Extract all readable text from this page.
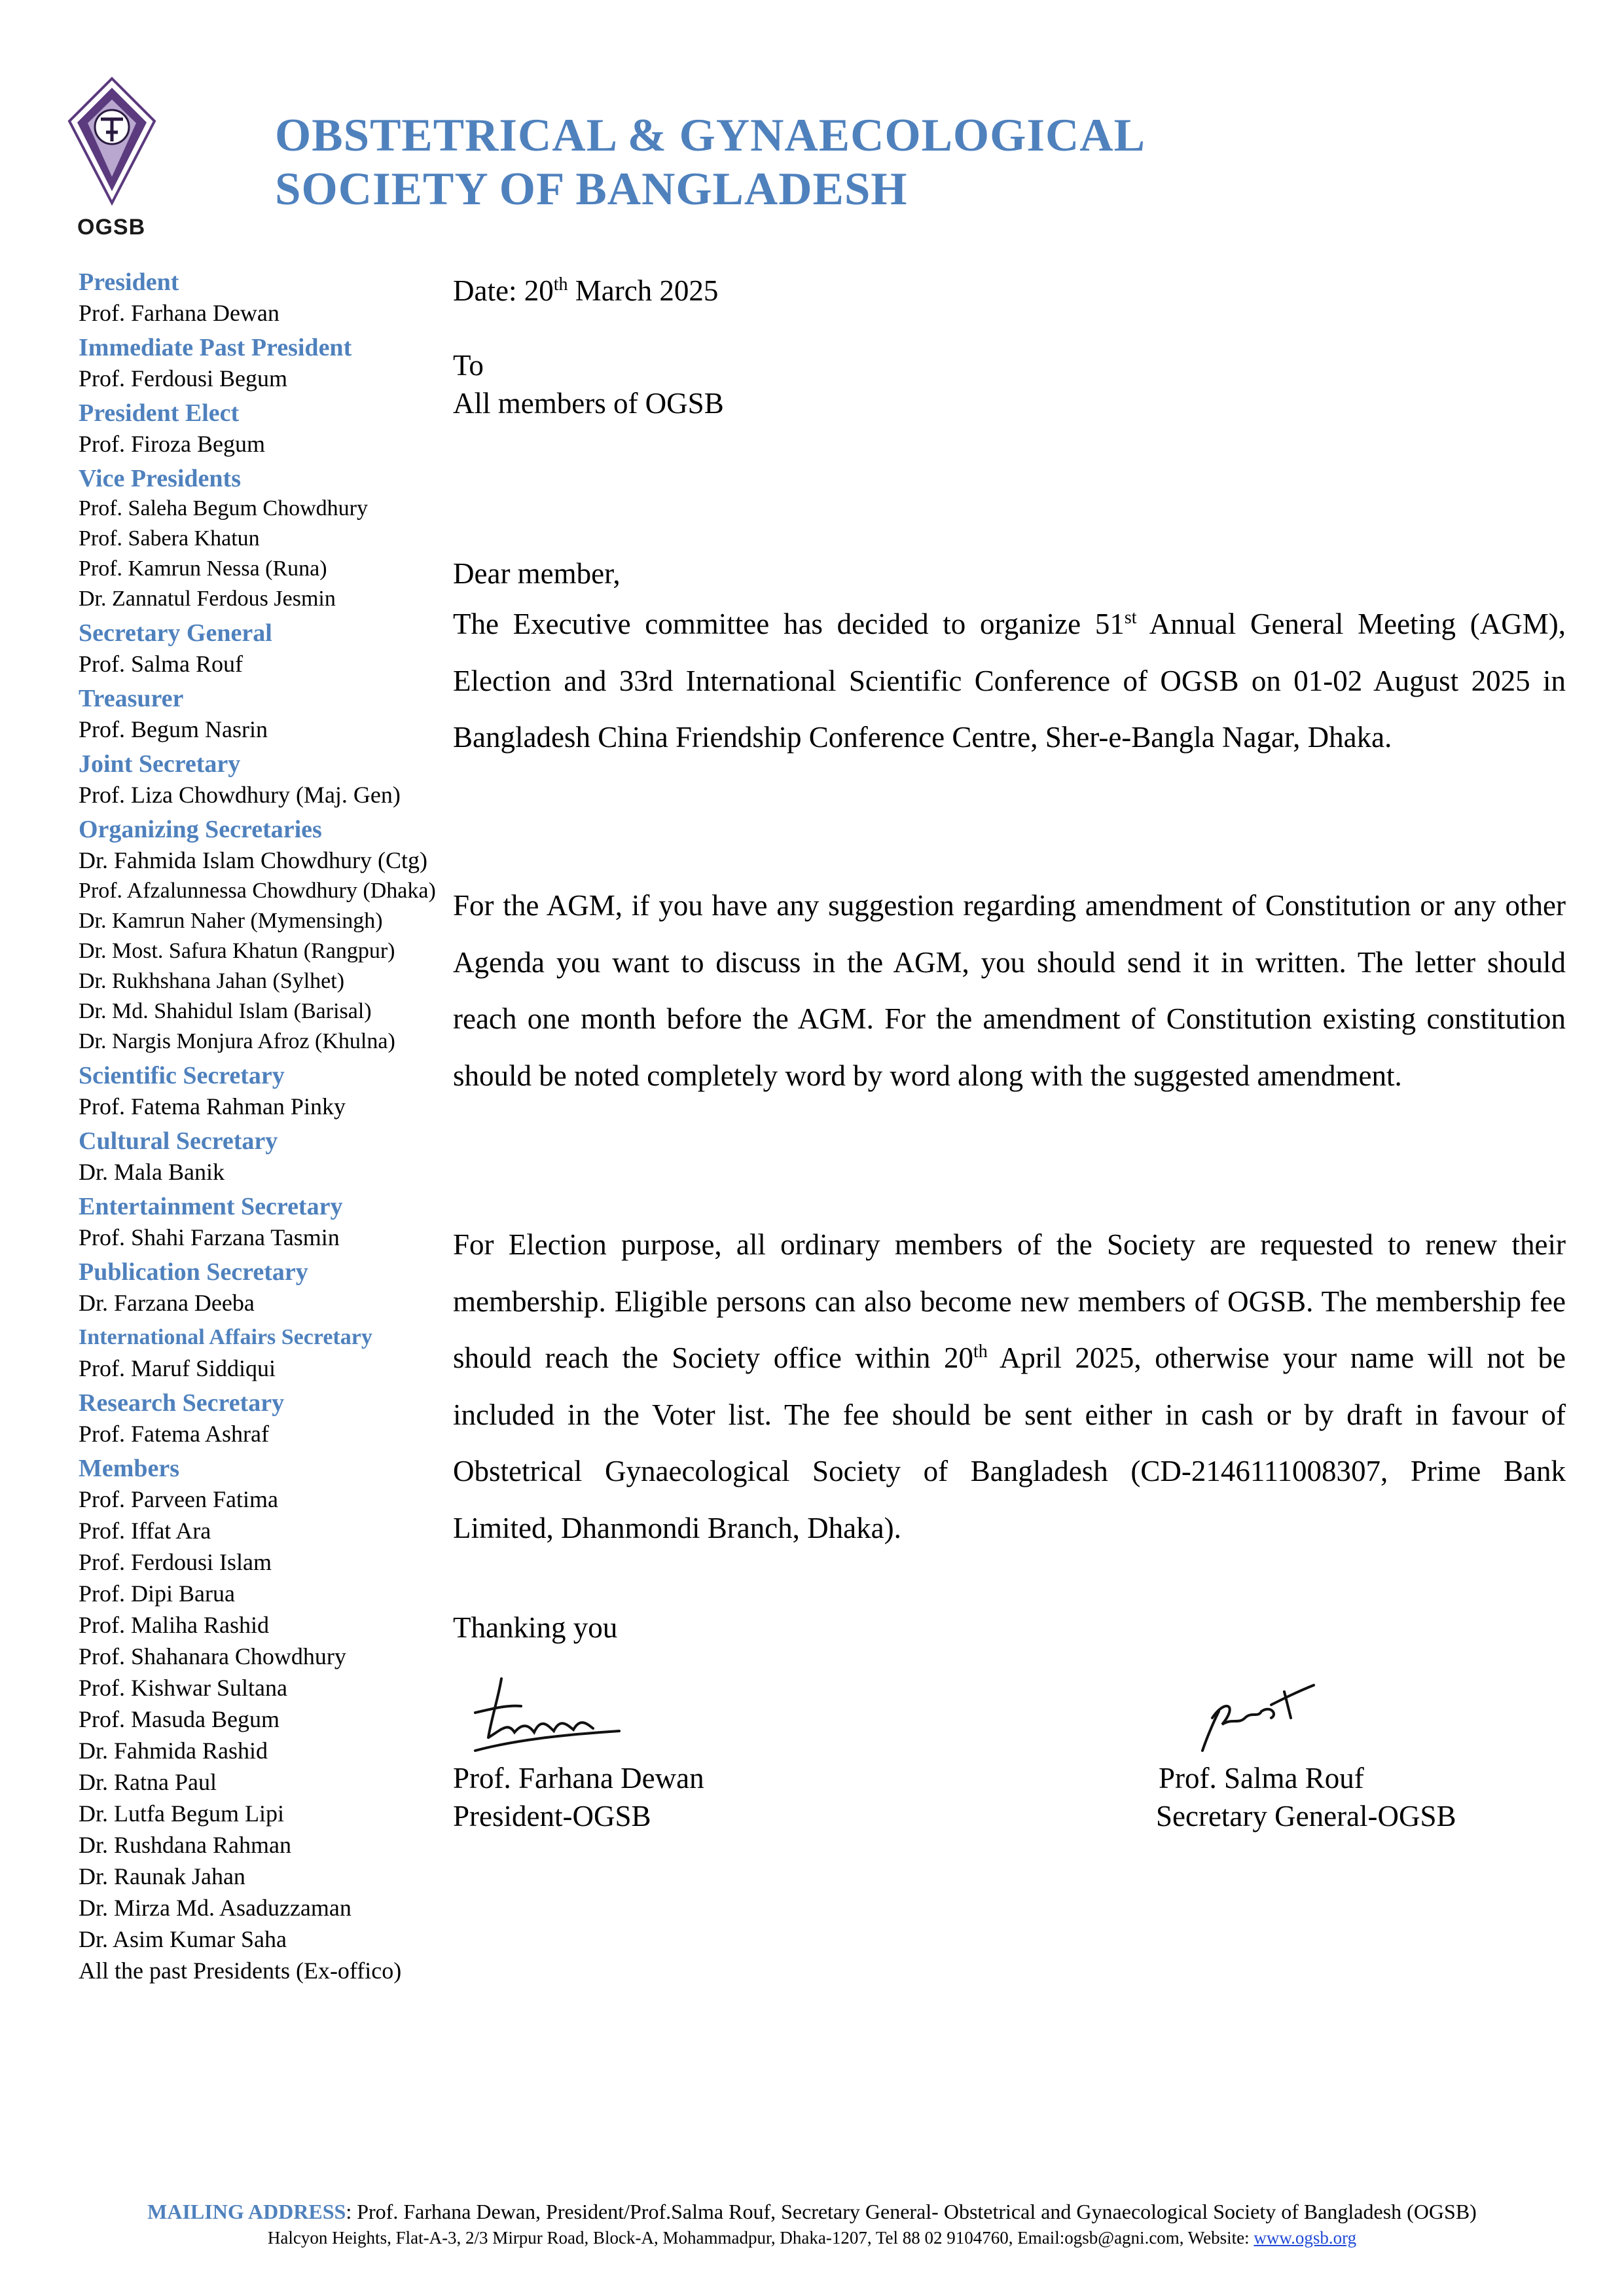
OGSB
OBSTETRICAL & GYNAECOLOGICAL
SOCIETY OF BANGLADESH
President
Prof. Farhana Dewan
Immediate Past President
Prof. Ferdousi Begum
President Elect
Prof. Firoza Begum
Vice Presidents
Prof. Saleha Begum Chowdhury
Prof. Sabera Khatun
Prof. Kamrun Nessa (Runa)
Dr. Zannatul Ferdous Jesmin
Secretary General
Prof. Salma Rouf
Treasurer
Prof. Begum Nasrin
Joint Secretary
Prof. Liza Chowdhury (Maj. Gen)
Organizing Secretaries
Dr. Fahmida Islam Chowdhury (Ctg)
Prof. Afzalunnessa Chowdhury (Dhaka)
Dr. Kamrun Naher (Mymensingh)
Dr. Most. Safura Khatun (Rangpur)
Dr. Rukhshana Jahan (Sylhet)
Dr. Md. Shahidul Islam (Barisal)
Dr. Nargis Monjura Afroz (Khulna)
Scientific Secretary
Prof. Fatema Rahman Pinky
Cultural Secretary
Dr. Mala Banik
Entertainment Secretary
Prof. Shahi Farzana Tasmin
Publication Secretary
Dr. Farzana Deeba
International Affairs Secretary
Prof. Maruf Siddiqui
Research Secretary
Prof. Fatema Ashraf
Members
Prof. Parveen Fatima
Prof. Iffat Ara
Prof. Ferdousi Islam
Prof. Dipi Barua
Prof. Maliha Rashid
Prof. Shahanara Chowdhury
Prof. Kishwar Sultana
Prof. Masuda Begum
Dr. Fahmida Rashid
Dr. Ratna Paul
Dr. Lutfa Begum Lipi
Dr. Rushdana Rahman
Dr. Raunak Jahan
Dr. Mirza Md. Asaduzzaman
Dr. Asim Kumar Saha
All the past Presidents (Ex-offico)
Date: 20th March 2025
To
All members of OGSB
Dear member,
The Executive committee has decided to organize 51st Annual General Meeting (AGM), Election and 33rd International Scientific Conference of OGSB on 01-02 August 2025 in Bangladesh China Friendship Conference Centre, Sher-e-Bangla Nagar, Dhaka.
For the AGM, if you have any suggestion regarding amendment of Constitution or any other Agenda you want to discuss in the AGM, you should send it in written. The letter should reach one month before the AGM. For the amendment of Constitution existing constitution should be noted completely word by word along with the suggested amendment.
For Election purpose, all ordinary members of the Society are requested to renew their membership. Eligible persons can also become new members of OGSB. The membership fee should reach the Society office within 20th April 2025, otherwise your name will not be included in the Voter list. The fee should be sent either in cash or by draft in favour of Obstetrical Gynaecological Society of Bangladesh (CD-2146111008307, Prime Bank Limited, Dhanmondi Branch, Dhaka).
Thanking you
Prof. Farhana Dewan
President-OGSB
Prof. Salma Rouf
Secretary General-OGSB
MAILING ADDRESS: Prof. Farhana Dewan, President/Prof.Salma Rouf, Secretary General- Obstetrical and Gynaecological Society of Bangladesh (OGSB)
Halcyon Heights, Flat-A-3, 2/3 Mirpur Road, Block-A, Mohammadpur, Dhaka-1207, Tel 88 02 9104760, Email:ogsb@agni.com, Website: www.ogsb.org
